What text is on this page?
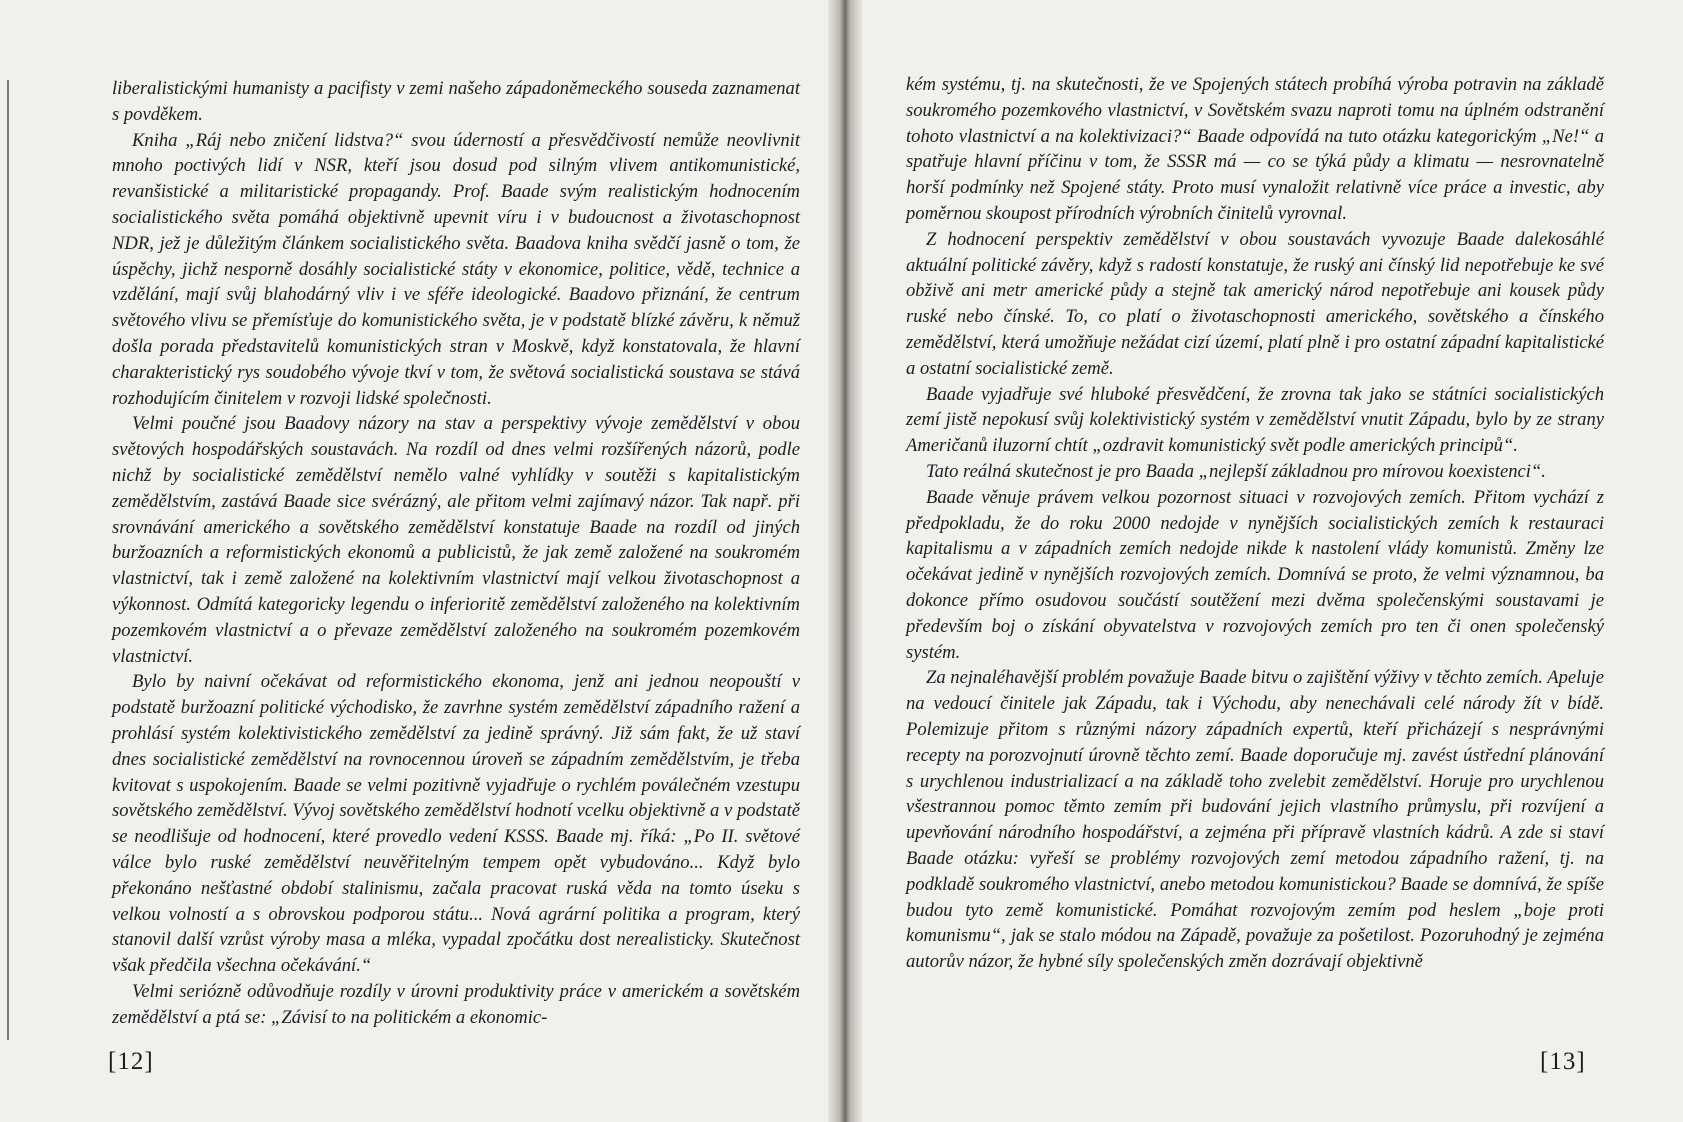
liberalistickými humanisty a pacifisty v zemi našeho západoněmeckého souseda zaznamenat s povděkem.

Kniha „Ráj nebo zničení lidstva?“ svou úderností a přesvědčivostí nemůže neovlivnit mnoho poctivých lidí v NSR, kteří jsou dosud pod silným vlivem antikomunistické, revanšistické a militaristické propagandy. Prof. Baade svým realistickým hodnocením socialistického světa pomáhá objektivně upevnit víru i v budoucnost a životaschopnost NDR, jež je důležitým článkem socialistického světa. Baadova kniha svědčí jasně o tom, že úspěchy, jichž nesporně dosáhly socialistické státy v ekonomice, politice, vědě, technice a vzdělání, mají svůj blahodárný vliv i ve sféře ideologické. Baadovo přiznání, že centrum světového vlivu se přemísťuje do komunistického světa, je v podstatě blízké závěru, k němuž došla porada představitelů komunistických stran v Moskvě, když konstatovala, že hlavní charakteristický rys soudobého vývoje tkví v tom, že světová socialistická soustava se stává rozhodujícím činitelem v rozvoji lidské společnosti.

Velmi poučné jsou Baadovy názory na stav a perspektivy vývoje zemědělství v obou světových hospodářských soustavách. Na rozdíl od dnes velmi rozšířených názorů, podle nichž by socialistické zemědělství nemělo valné vyhlídky v soutěži s kapitalistickým zemědělstvím, zastává Baade sice svérázný, ale přitom velmi zajímavý názor. Tak např. při srovnávání amerického a sovětského zemědělství konstatuje Baade na rozdíl od jiných buržoazních a reformistických ekonomů a publicistů, že jak země založené na soukromém vlastnictví, tak i země založené na kolektivním vlastnictví mají velkou životaschopnost a výkonnost. Odmítá kategoricky legendu o inferioritě zemědělství založeného na kolektivním pozemkovém vlastnictví a o převaze zemědělství založeného na soukromém pozemkovém vlastnictví.

Bylo by naivní očekávat od reformistického ekonoma, jenž ani jednou neopouští v podstatě buržoazní politické východisko, že zavrhne systém zemědělství západního ražení a prohlásí systém kolektivistického zemědělství za jedině správný. Již sám fakt, že už staví dnes socialistické zemědělství na rovnocennou úroveň se západním zemědělstvím, je třeba kvitovat s uspokojením. Baade se velmi pozitivně vyjadřuje o rychlém poválečném vzestupu sovětského zemědělství. Vývoj sovětského zemědělství hodnotí vcelku objektivně a v podstatě se neodlišuje od hodnocení, které provedlo vedení KSSS. Baade mj. říká: „Po II. světové válce bylo ruské zemědělství neuvěřitelným tempem opět vybudováno... Když bylo překonáno nešťastné období stalinismu, začala pracovat ruská věda na tomto úseku s velkou volností a s obrovskou podporou státu... Nová agrární politika a program, který stanovil další vzrůst výroby masa a mléka, vypadal zpočátku dost nerealisticky. Skutečnost však předčila všechna očekávání.“

Velmi seriózně odůvodňuje rozdíly v úrovni produktivity práce v americkém a sovětském zemědělství a ptá se: „Závisí to na politickém a ekonomic-

[12]

kém systému, tj. na skutečnosti, že ve Spojených státech probíhá výroba potravin na základě soukromého pozemkového vlastnictví, v Sovětském svazu naproti tomu na úplném odstranění tohoto vlastnictví a na kolektivizaci?“ Baade odpovídá na tuto otázku kategorickým „Ne!“ a spatřuje hlavní příčinu v tom, že SSSR má — co se týká půdy a klimatu — nesrovnatelně horší podmínky než Spojené státy. Proto musí vynaložit relativně více práce a investic, aby poměrnou skoupost přírodních výrobních činitelů vyrovnal.

Z hodnocení perspektiv zemědělství v obou soustavách vyvozuje Baade dalekosáhlé aktuální politické závěry, když s radostí konstatuje, že ruský ani čínský lid nepotřebuje ke své obživě ani metr americké půdy a stejně tak americký národ nepotřebuje ani kousek půdy ruské nebo čínské. To, co platí o životaschopnosti amerického, sovětského a čínského zemědělství, která umožňuje nežádat cizí území, platí plně i pro ostatní západní kapitalistické a ostatní socialistické země.

Baade vyjadřuje své hluboké přesvědčení, že zrovna tak jako se státníci socialistických zemí jistě nepokusí svůj kolektivistický systém v zemědělství vnutit Západu, bylo by ze strany Američanů iluzorní chtít „ozdravit komunistický svět podle amerických principů“.

Tato reálná skutečnost je pro Baada „nejlepší základnou pro mírovou koexistenci“.

Baade věnuje právem velkou pozornost situaci v rozvojových zemích. Přitom vychází z předpokladu, že do roku 2000 nedojde v nynějších socialistických zemích k restauraci kapitalismu a v západních zemích nedojde nikde k nastolení vlády komunistů. Změny lze očekávat jedině v nynějších rozvojových zemích. Domnívá se proto, že velmi významnou, ba dokonce přímo osudovou součástí soutěžení mezi dvěma společenskými soustavami je především boj o získání obyvatelstva v rozvojových zemích pro ten či onen společenský systém.

Za nejnaléhavější problém považuje Baade bitvu o zajištění výživy v těchto zemích. Apeluje na vedoucí činitele jak Západu, tak i Východu, aby nenechávali celé národy žít v bídě. Polemizuje přitom s různými názory západních expertů, kteří přicházejí s nesprávnými recepty na porozvojnutí úrovně těchto zemí. Baade doporučuje mj. zavést ústřední plánování s urychlenou industrializací a na základě toho zvelebit zemědělství. Horuje pro urychlenou všestrannou pomoc těmto zemím při budování jejich vlastního průmyslu, při rozvíjení a upevňování národního hospodářství, a zejména při přípravě vlastních kádrů. A zde si staví Baade otázku: vyřeší se problémy rozvojových zemí metodou západního ražení, tj. na podkladě soukromého vlastnictví, anebo metodou komunistickou? Baade se domnívá, že spíše budou tyto země komunistické. Pomáhat rozvojovým zemím pod heslem „boje proti komunismu“, jak se stalo módou na Západě, považuje za pošetilost. Pozoruhodný je zejména autorův názor, že hybné síly společenských změn dozrávají objektivně

[13]
